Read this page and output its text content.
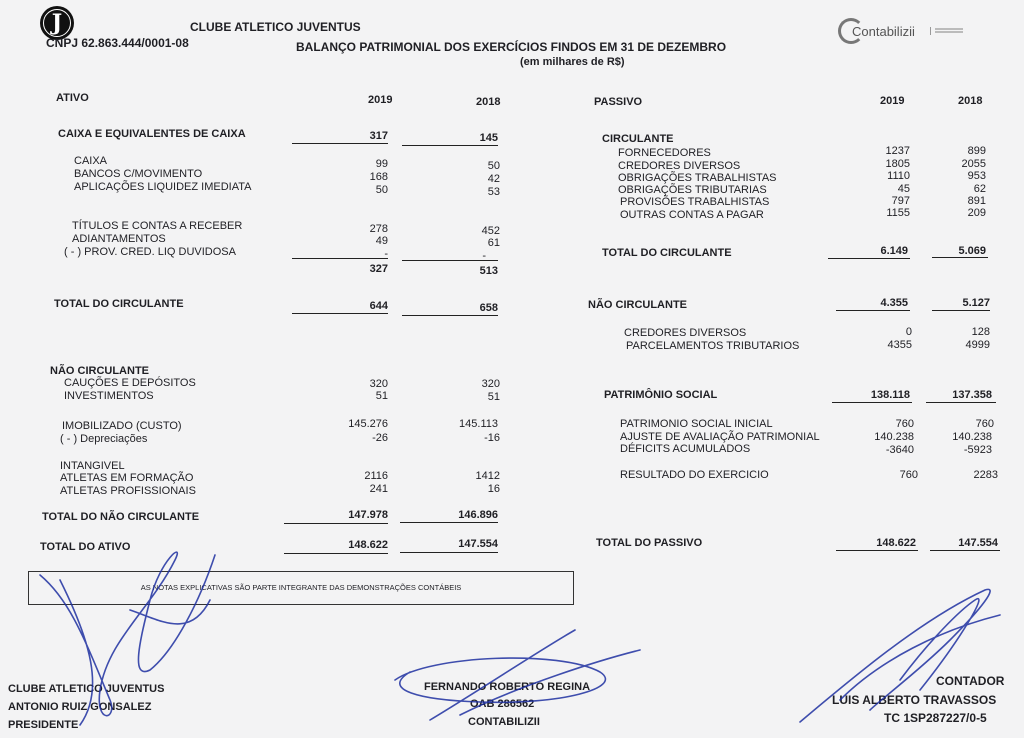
J	CLUBE ATLETICO JUVENTUS
CNPJ 62.863.444/0001-08	BALANÇO PATRIMONIAL DOS EXERCÍCIOS FINDOS EM 31 DE DEZEMBRO
(em milhares de R$)
Contabilizii
ATIVO	2019	2018
CAIXA E EQUIVALENTES DE CAIXA	317	145
CAIXA	99	50
BANCOS C/MOVIMENTO	168	42
APLICAÇÕES LIQUIDEZ IMEDIATA	50	53
TÍTULOS E CONTAS A RECEBER	278	452
ADIANTAMENTOS	49	61
( - ) PROV. CRED. LIQ DUVIDOSA	-	-
327	513
TOTAL DO CIRCULANTE	644	658
NÃO CIRCULANTE
CAUÇÕES E DEPÓSITOS	320	320
INVESTIMENTOS	51	51
IMOBILIZADO (CUSTO)	145.276	145.113
( - ) Depreciações	-26	-16
INTANGIVEL
ATLETAS EM FORMAÇÃO	2116	1412
ATLETAS PROFISSIONAIS	241	16
TOTAL DO NÃO CIRCULANTE	147.978	146.896
TOTAL DO ATIVO	148.622	147.554
PASSIVO	2019	2018
CIRCULANTE
FORNECEDORES	1237	899
CREDORES DIVERSOS	1805	2055
OBRIGAÇÕES TRABALHISTAS	1110	953
OBRIGAÇÕES TRIBUTARIAS	45	62
PROVISÕES TRABALHISTAS	797	891
OUTRAS CONTAS A PAGAR	1155	209
TOTAL DO CIRCULANTE	6.149	5.069
NÃO CIRCULANTE	4.355	5.127
CREDORES DIVERSOS	0	128
PARCELAMENTOS TRIBUTARIOS	4355	4999
PATRIMÔNIO SOCIAL	138.118	137.358
PATRIMONIO SOCIAL INICIAL	760	760
AJUSTE DE AVALIAÇÃO PATRIMONIAL	140.238	140.238
DÉFICITS ACUMULADOS	-3640	-5923
RESULTADO DO EXERCICIO	760	2283
TOTAL DO PASSIVO	148.622	147.554
AS NOTAS EXPLICATIVAS SÃO PARTE INTEGRANTE DAS DEMONSTRAÇÕES CONTÁBEIS
CLUBE ATLETICO JUVENTUS
ANTONIO RUIZ GONSALEZ
PRESIDENTE
FERNANDO ROBERTO REGINA
OAB 286562
CONTABILIZII
CONTADOR
LUIS ALBERTO TRAVASSOS
TC 1SP287227/0-5
